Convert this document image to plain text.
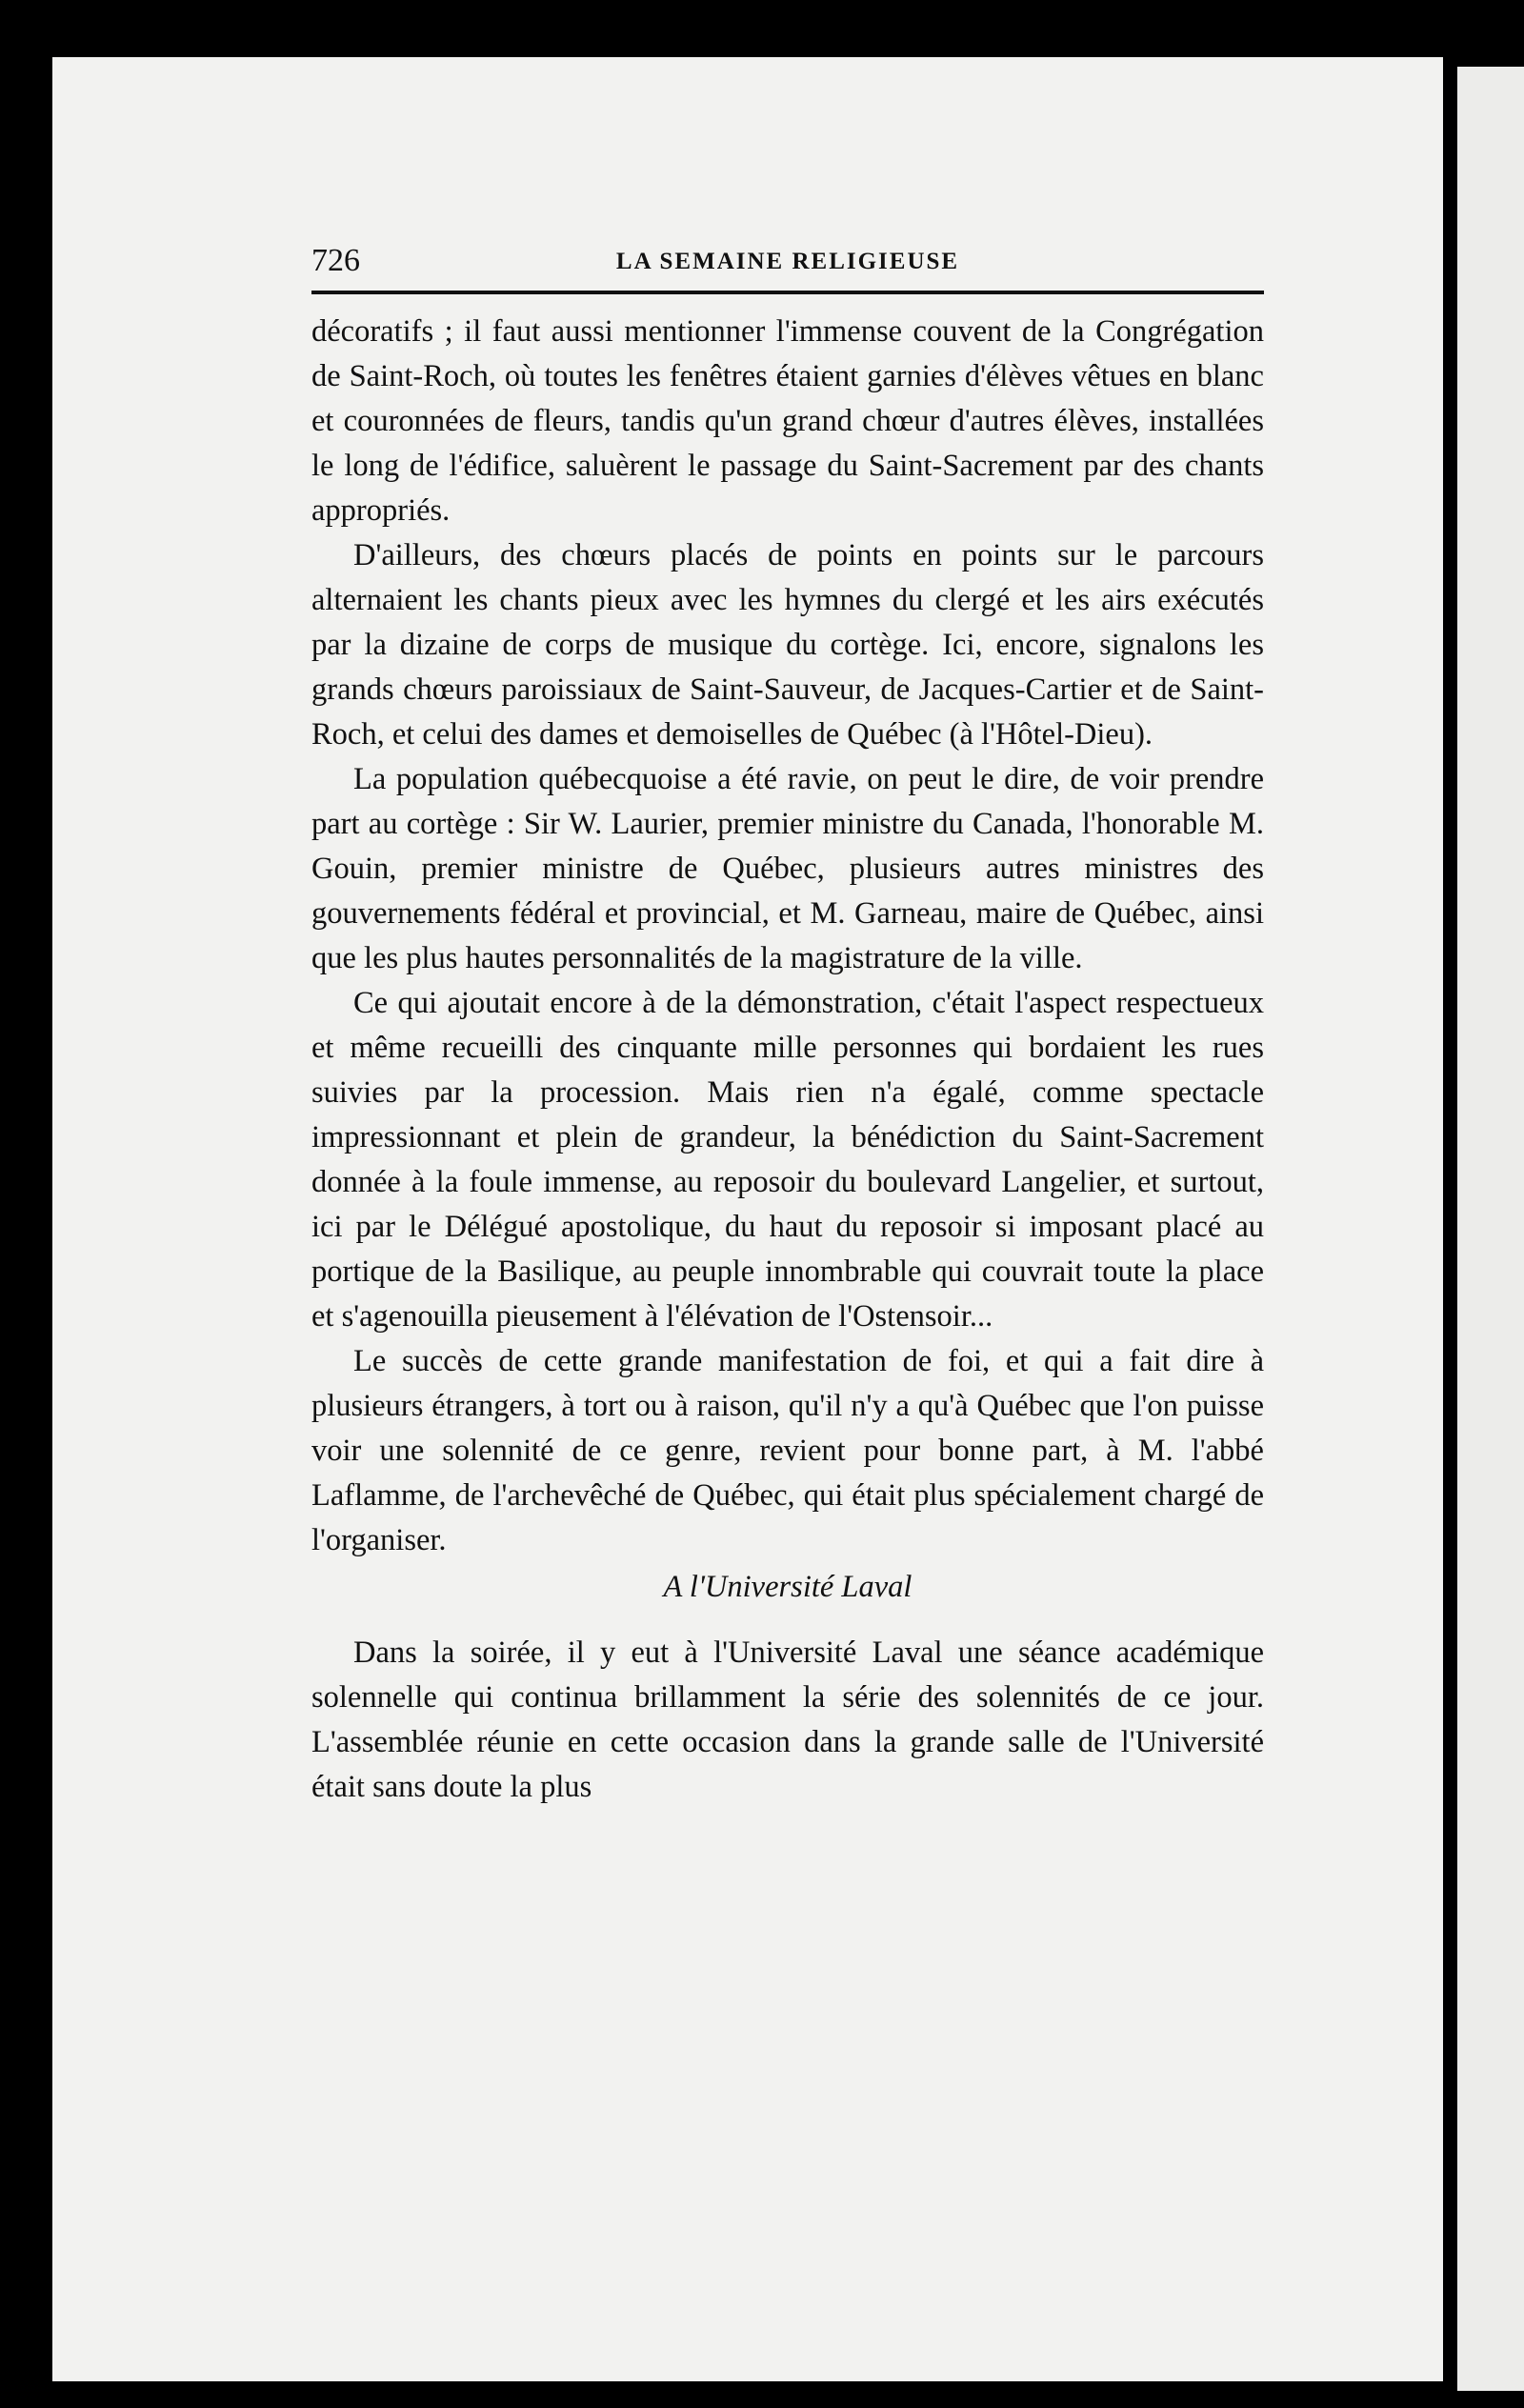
726	LA SEMAINE RELIGIEUSE

décoratifs ; il faut aussi mentionner l'immense couvent de la Congrégation de Saint-Roch, où toutes les fenêtres étaient garnies d'élèves vêtues en blanc et couronnées de fleurs, tandis qu'un grand chœur d'autres élèves, installées le long de l'édifice, saluèrent le passage du Saint-Sacrement par des chants appropriés.

D'ailleurs, des chœurs placés de points en points sur le parcours alternaient les chants pieux avec les hymnes du clergé et les airs exécutés par la dizaine de corps de musique du cortège. Ici, encore, signalons les grands chœurs paroissiaux de Saint-Sauveur, de Jacques-Cartier et de Saint-Roch, et celui des dames et demoiselles de Québec (à l'Hôtel-Dieu).

La population québecquoise a été ravie, on peut le dire, de voir prendre part au cortège : Sir W. Laurier, premier ministre du Canada, l'honorable M. Gouin, premier ministre de Québec, plusieurs autres ministres des gouvernements fédéral et provincial, et M. Garneau, maire de Québec, ainsi que les plus hautes personnalités de la magistrature de la ville.

Ce qui ajoutait encore à de la démonstration, c'était l'aspect respectueux et même recueilli des cinquante mille personnes qui bordaient les rues suivies par la procession. Mais rien n'a égalé, comme spectacle impressionnant et plein de grandeur, la bénédiction du Saint-Sacrement donnée à la foule immense, au reposoir du boulevard Langelier, et surtout, ici par le Délégué apostolique, du haut du reposoir si imposant placé au portique de la Basilique, au peuple innombrable qui couvrait toute la place et s'agenouilla pieusement à l'élévation de l'Ostensoir...

Le succès de cette grande manifestation de foi, et qui a fait dire à plusieurs étrangers, à tort ou à raison, qu'il n'y a qu'à Québec que l'on puisse voir une solennité de ce genre, revient pour bonne part, à M. l'abbé Laflamme, de l'archevêché de Québec, qui était plus spécialement chargé de l'organiser.

A l'Université Laval

Dans la soirée, il y eut à l'Université Laval une séance académique solennelle qui continua brillamment la série des solennités de ce jour. L'assemblée réunie en cette occasion dans la grande salle de l'Université était sans doute la plus
